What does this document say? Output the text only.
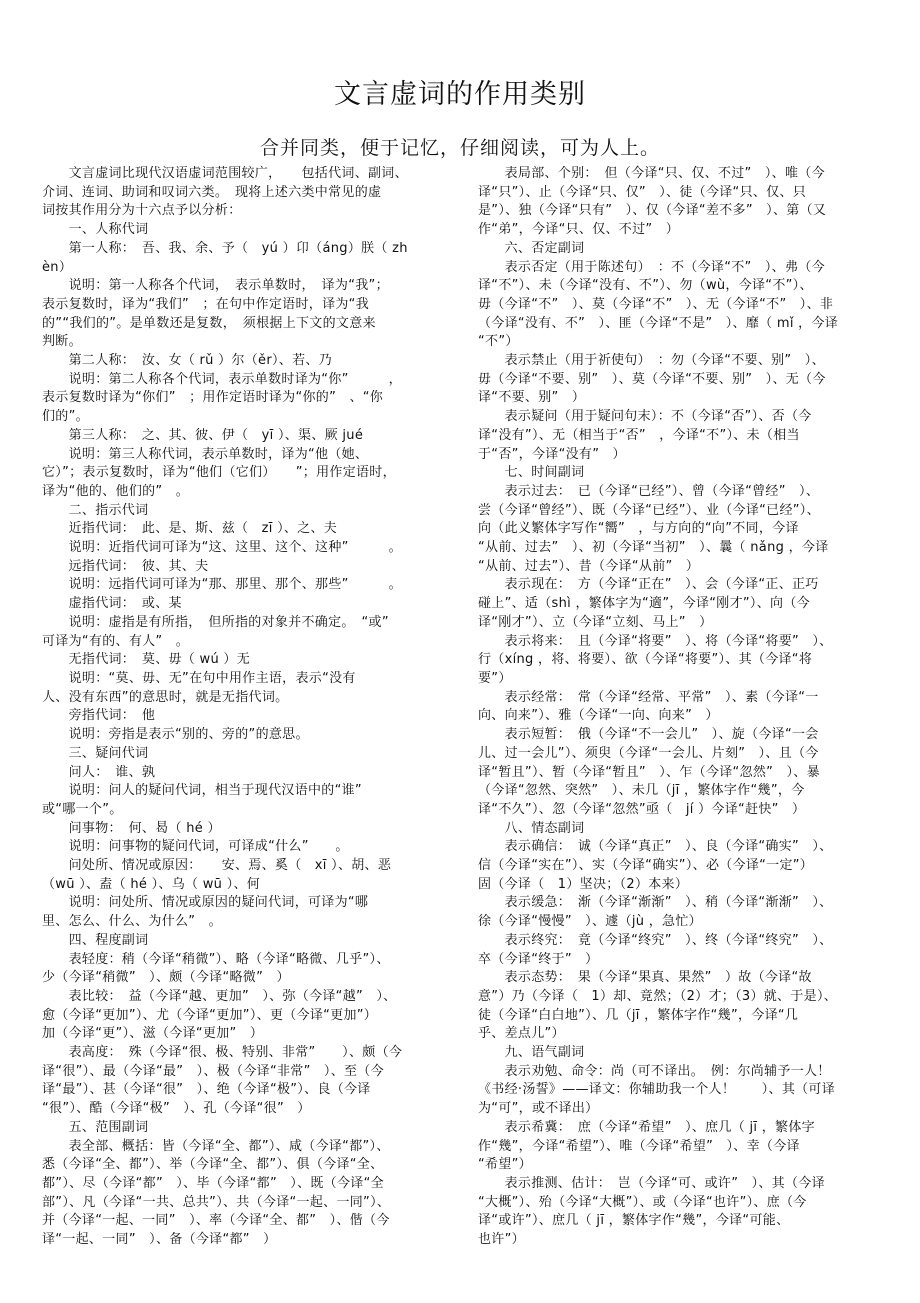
文言虚词的作用类别
合并同类，便于记忆，仔细阅读，可为人上。

　　文言虚词比现代汉语虚词范围较广，　　包括代词、副词、

介词、连词、助词和叹词六类。　现将上述六类中常见的虚

词按其作用分为十六点予以分析：

　　一、人称代词

　　第一人称：　吾、我、余、予（　yú ）卬（áng）朕（ zh

èn）

　　说明：第一人称各个代词，　表示单数时，　译为“我”；

表示复数时，译为“我们”　；在句中作定语时，译为“我

的”“我们的”。是单数还是复数，　须根据上下文的文意来

判断。

　　第二人称：　汝、女（ rǔ ）尔（ěr）、若、乃

　　说明：第二人称各个代词，表示单数时译为“你”　　　，

表示复数时译为“你们”　；用作定语时译为“你的”　、“你

们的”。

　　第三人称：　之、其、彼、伊（　yī ）、渠、厥 jué

　　说明：第三人称代词，表示单数时，译为“他（她、

它）”；表示复数时，译为“他们（它们）　　”；用作定语时，

译为“他的、他们的”　。

　　二、指示代词

　　近指代词：　此、是、斯、兹（　zī ）、之、夫

　　说明：近指代词可译为“这、这里、这个、这种”　　　。

　　远指代词：　彼、其、夫

　　说明：远指代词可译为“那、那里、那个、那些”　　　。

　　虚指代词：　或、某

　　说明：虚指是有所指，　但所指的对象并不确定。　“或”

可译为“有的、有人”　。

　　无指代词：　莫、毋（ wú ）无

　　说明：“莫、毋、无”在句中用作主语，表示“没有

人、没有东西”的意思时，就是无指代词。

　　旁指代词：　他

　　说明：旁指是表示“别的、旁的”的意思。

　　三、疑问代词

　　问人：　谁、孰

　　说明：问人的疑问代词，相当于现代汉语中的“谁”

或“哪一个”。

　　问事物：　何、曷（ hé ）

　　说明：问事物的疑问代词，可译成“什么”　　。

　　问处所、情况或原因：　　安、焉、奚（　xī ）、胡、恶

（wū ）、盍（ hé ）、乌（ wū ）、何

　　说明：问处所、情况或原因的疑问代词，可译为“哪

里、怎么、什么、为什么”　。

　　四、程度副词

　　表轻度：稍（今译“稍微”）、略（今译“略微、几乎”）、

少（今译“稍微”　）、颇（今译“略微”　）

　　表比较：　益（今译“越、更加”　）、弥（今译“越”　）、

愈（今译“更加”）、尤（今译“更加”）、更（今译“更加”）

加（今译“更”）、滋（今译“更加”　）

　　表高度：　殊（今译“很、极、特别、非常”　　）、颇（今

译“很”）、最（今译“最”　）、极（今译“非常”　）、至（今

译“最”）、甚（今译“很”　）、绝（今译“极”）、良（今译

“很”）、酷（今译“极”　）、孔（今译“很”　）

　　五、范围副词

　　表全部、概括：皆（今译“全、都”）、咸（今译“都”）、

悉（今译“全、都”）、举（今译“全、都”）、俱（今译“全、

都”）、尽（今译“都”　）、毕（今译“都”　）、既（今译“全

部”）、凡（今译“一共、总共”）、共（今译“一起、一同”）、

并（今译“一起、一同”　）、率（今译“全、都”　）、偕（今

译“一起、一同”　）、备（今译“都”　）

　　表局部、个别：　但（今译“只、仅、不过”　）、唯（今

译“只”）、止（今译“只、仅”　）、徒（今译“只、仅、只

是”）、独（今译“只有”　）、仅（今译“差不多”　）、第（又

作“弟”，今译“只、仅、不过”　）

　　六、否定副词

　　表示否定（用于陈述句）　：不（今译“不”　）、弗（今

译“不”）、未（今译“没有、不”）、勿（wù，今译“不”）、

毋（今译“不”　）、莫（今译“不”　）、无（今译“不”　）、非

（今译“没有、不”　）、匪（今译“不是”　）、靡（ mǐ ，今译

“不”）

　　表示禁止（用于祈使句）　：勿（今译“不要、别”　）、

毋（今译“不要、别”　）、莫（今译“不要、别”　）、无（今

译“不要、别”　）

　　表示疑问（用于疑问句末）：不（今译“否”）、否（今

译“没有”）、无（相当于“否”　，今译“不”）、未（相当

于“否”，今译“没有”　）

　　七、时间副词

　　表示过去：　已（今译“已经”）、曾（今译“曾经”　）、

尝（今译“曾经”）、既（今译“已经”）、业（今译“已经”）、

向（此义繁体字写作“嚮”　，与方向的“向”不同，今译

“从前、过去”　）、初（今译“当初”　）、曩（ nǎng ，今译

“从前、过去”）、昔（今译“从前”　）

　　表示现在：　方（今译“正在”　）、会（今译“正、正巧

碰上”、适（shì ，繁体字为“適”，今译“刚才”）、向（今

译“刚才”）、立（今译“立刻、马上”　）

　　表示将来：　且（今译“将要”　）、将（今译“将要”　）、

行（xíng ，将、将要）、欲（今译“将要”）、其（今译“将

要”）

　　表示经常：　常（今译“经常、平常”　）、素（今译“一

向、向来”）、雅（今译“一向、向来”　）

　　表示短暂：　俄（今译“不一会儿”　）、旋（今译“一会

儿、过一会儿”）、须臾（今译“一会儿、片刻”　）、且（今

译“暂且”）、暂（今译“暂且”　）、乍（今译“忽然”　）、暴

（今译“忽然、突然”　）、未几（jī ，繁体字作“幾”，今

译“不久”）、忽（今译“忽然”亟（　jí ）今译“赶快”　）

　　八、情态副词

　　表示确信：　诚（今译“真正”　）、良（今译“确实”　）、

信（今译“实在”）、实（今译“确实”）、必（今译“一定”）

固（今译（　1）坚决；（2）本来）

　　表示缓急：　渐（今译“渐渐”　）、稍（今译“渐渐”　）、

徐（今译“慢慢”　）、遽（jù ，急忙）

　　表示终究：　竟（今译“终究”　）、终（今译“终究”　）、

卒（今译“终于”　）

　　表示态势：　果（今译“果真、果然”　）故（今译“故

意”）乃（今译（　1）却、竟然；（2）才；（3）就、于是）、

徒（今译“白白地”）、几（jī ，繁体字作“幾”，今译“几

乎、差点儿”）

　　九、语气副词

　　表示劝勉、命令：尚（可不译出。　例：尔尚辅予一人！

《书经·汤誓》——译文：你辅助我一个人！　　）、其（可译

为“可”，或不译出）

　　表示希冀：　庶（今译“希望”　）、庶几（ jī ，繁体字

作“幾”，今译“希望”）、唯（今译“希望”　）、幸（今译

“希望”）

　　表示推测、估计：　岂（今译“可、或许”　）、其（今译

“大概”）、殆（今译“大概”）、或（今译“也许”）、庶（今

译“或许”）、庶几（ jī ，繁体字作“幾”，今译“可能、

也许”）
